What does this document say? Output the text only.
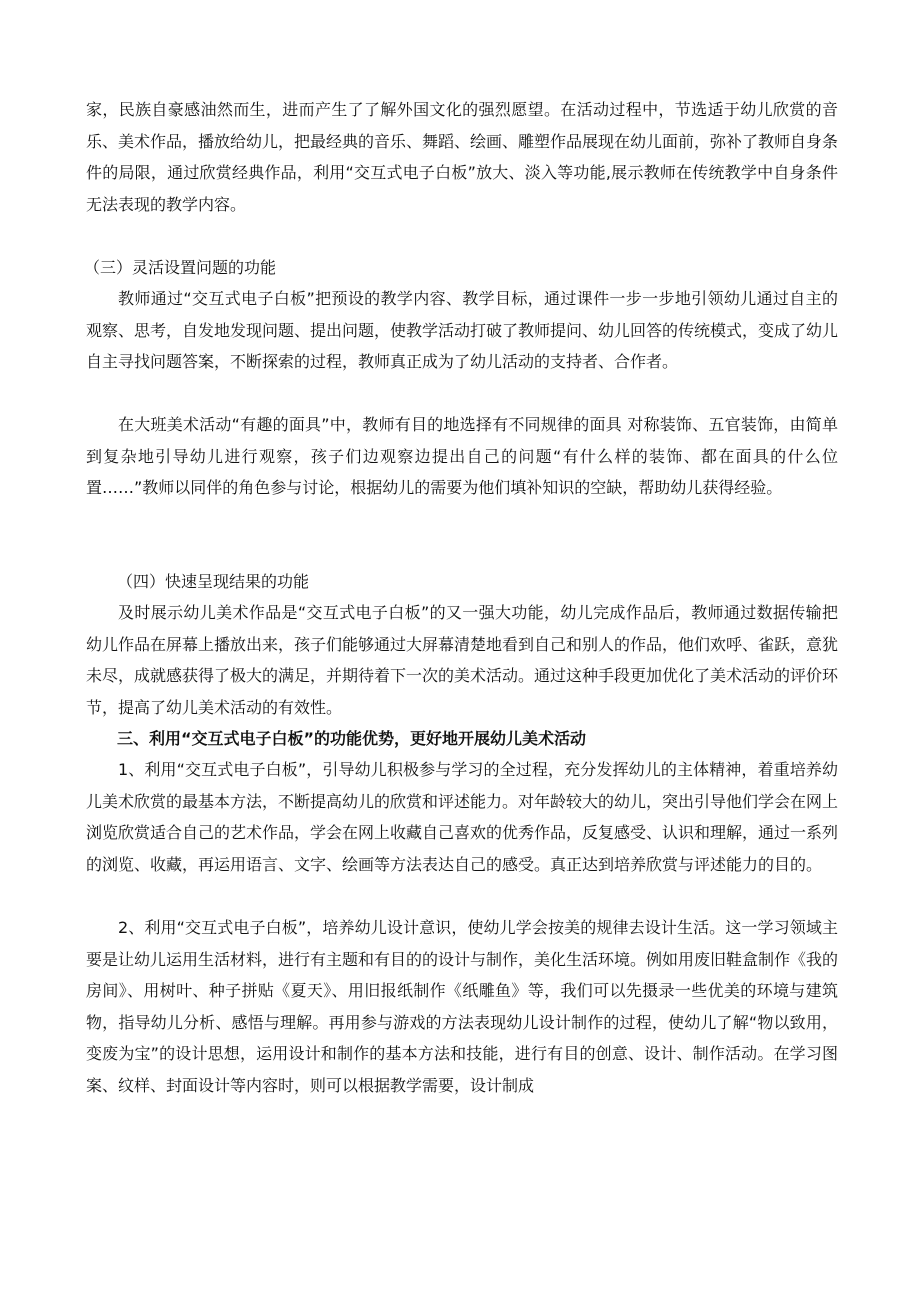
家，民族自豪感油然而生，进而产生了了解外国文化的强烈愿望。在活动过程中，节选适于幼儿欣赏的音乐、美术作品，播放给幼儿，把最经典的音乐、舞蹈、绘画、雕塑作品展现在幼儿面前，弥补了教师自身条件的局限，通过欣赏经典作品，利用“交互式电子白板”放大、淡入等功能,展示教师在传统教学中自身条件无法表现的教学内容。

（三）灵活设置问题的功能

教师通过“交互式电子白板”把预设的教学内容、教学目标，通过课件一步一步地引领幼儿通过自主的观察、思考，自发地发现问题、提出问题，使教学活动打破了教师提问、幼儿回答的传统模式，变成了幼儿自主寻找问题答案，不断探索的过程，教师真正成为了幼儿活动的支持者、合作者。

在大班美术活动“有趣的面具”中，教师有目的地选择有不同规律的面具 对称装饰、五官装饰，由简单到复杂地引导幼儿进行观察，孩子们边观察边提出自己的问题“有什么样的装饰、都在面具的什么位置……”教师以同伴的角色参与讨论，根据幼儿的需要为他们填补知识的空缺，帮助幼儿获得经验。

（四）快速呈现结果的功能

及时展示幼儿美术作品是“交互式电子白板”的又一强大功能，幼儿完成作品后，教师通过数据传输把幼儿作品在屏幕上播放出来，孩子们能够通过大屏幕清楚地看到自己和别人的作品，他们欢呼、雀跃，意犹未尽，成就感获得了极大的满足，并期待着下一次的美术活动。通过这种手段更加优化了美术活动的评价环节，提高了幼儿美术活动的有效性。

三、利用“交互式电子白板”的功能优势，更好地开展幼儿美术活动

1、利用“交互式电子白板”，引导幼儿积极参与学习的全过程，充分发挥幼儿的主体精神，着重培养幼儿美术欣赏的最基本方法，不断提高幼儿的欣赏和评述能力。对年龄较大的幼儿，突出引导他们学会在网上浏览欣赏适合自己的艺术作品，学会在网上收藏自己喜欢的优秀作品，反复感受、认识和理解，通过一系列的浏览、收藏，再运用语言、文字、绘画等方法表达自己的感受。真正达到培养欣赏与评述能力的目的。

2、利用“交互式电子白板”，培养幼儿设计意识，使幼儿学会按美的规律去设计生活。这一学习领域主要是让幼儿运用生活材料，进行有主题和有目的的设计与制作，美化生活环境。例如用废旧鞋盒制作《我的房间》、用树叶、种子拼贴《夏天》、用旧报纸制作《纸雕鱼》等，我们可以先摄录一些优美的环境与建筑物，指导幼儿分析、感悟与理解。再用参与游戏的方法表现幼儿设计制作的过程，使幼儿了解“物以致用，变废为宝”的设计思想，运用设计和制作的基本方法和技能，进行有目的创意、设计、制作活动。在学习图案、纹样、封面设计等内容时，则可以根据教学需要，设计制成
